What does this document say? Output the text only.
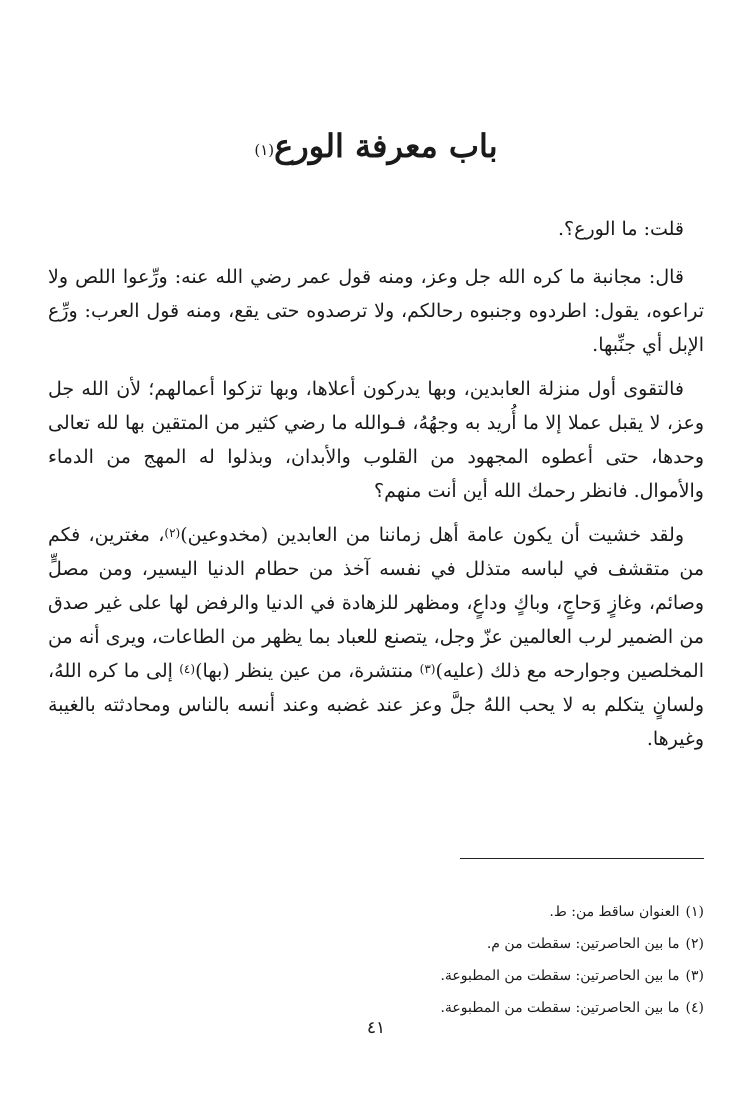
باب معرفة الورع$^{(١)}$

قلت: ما الورع؟.

قال: مجانبة ما كره الله جل وعز، ومنه قول عمر رضي الله عنه: ورِّعوا اللص ولا تراعوه، يقول: اطردوه وجنبوه رحالكم، ولا ترصدوه حتى يقع، ومنه قول العرب: ورِّع الإبل أي جنِّبها.

فالتقوى أول منزلة العابدين، وبها يدركون أعلاها، وبها تزكوا أعمالهم؛ لأن الله جل وعز، لا يقبل عملا إلا ما أُريد به وجهُهُ، فـوالله ما رضي كثير من المتقين بها لله تعالى وحدها، حتى أعطوه المجهود من القلوب والأبدان، وبذلوا له المهج من الدماء والأموال. فانظر رحمك الله أين أنت منهم؟

ولقد خشيت أن يكون عامة أهل زماننا من العابدين (مخدوعين)$^{(٢)}$، مغترين، فكم من متقشف في لباسه متذلل في نفسه آخذ من حطام الدنيا اليسير، ومن مصلٍّ وصائم، وغازٍ وَحاجٍ، وباكٍ وداعٍ، ومظهر للزهادة في الدنيا والرفض لها على غير صدق من الضمير لرب العالمين عزّ وجل، يتصنع للعباد بما يظهر من الطاعات، ويرى أنه من المخلصين وجوارحه مع ذلك (عليه)$^{(٣)}$ منتشرة، من عين ينظر (بها)$^{(٤)}$ إلى ما كره اللهُ، ولسانٍ يتكلم به لا يحب اللهُ جلَّ وعز عند غضبه وعند أنسه بالناس ومحادثته بالغيبة وغيرها.

(١)العنوان ساقط من: ط.
(٢)ما بين الحاصرتين: سقطت من م.
(٣)ما بين الحاصرتين: سقطت من المطبوعة.
(٤)ما بين الحاصرتين: سقطت من المطبوعة.
٤١
